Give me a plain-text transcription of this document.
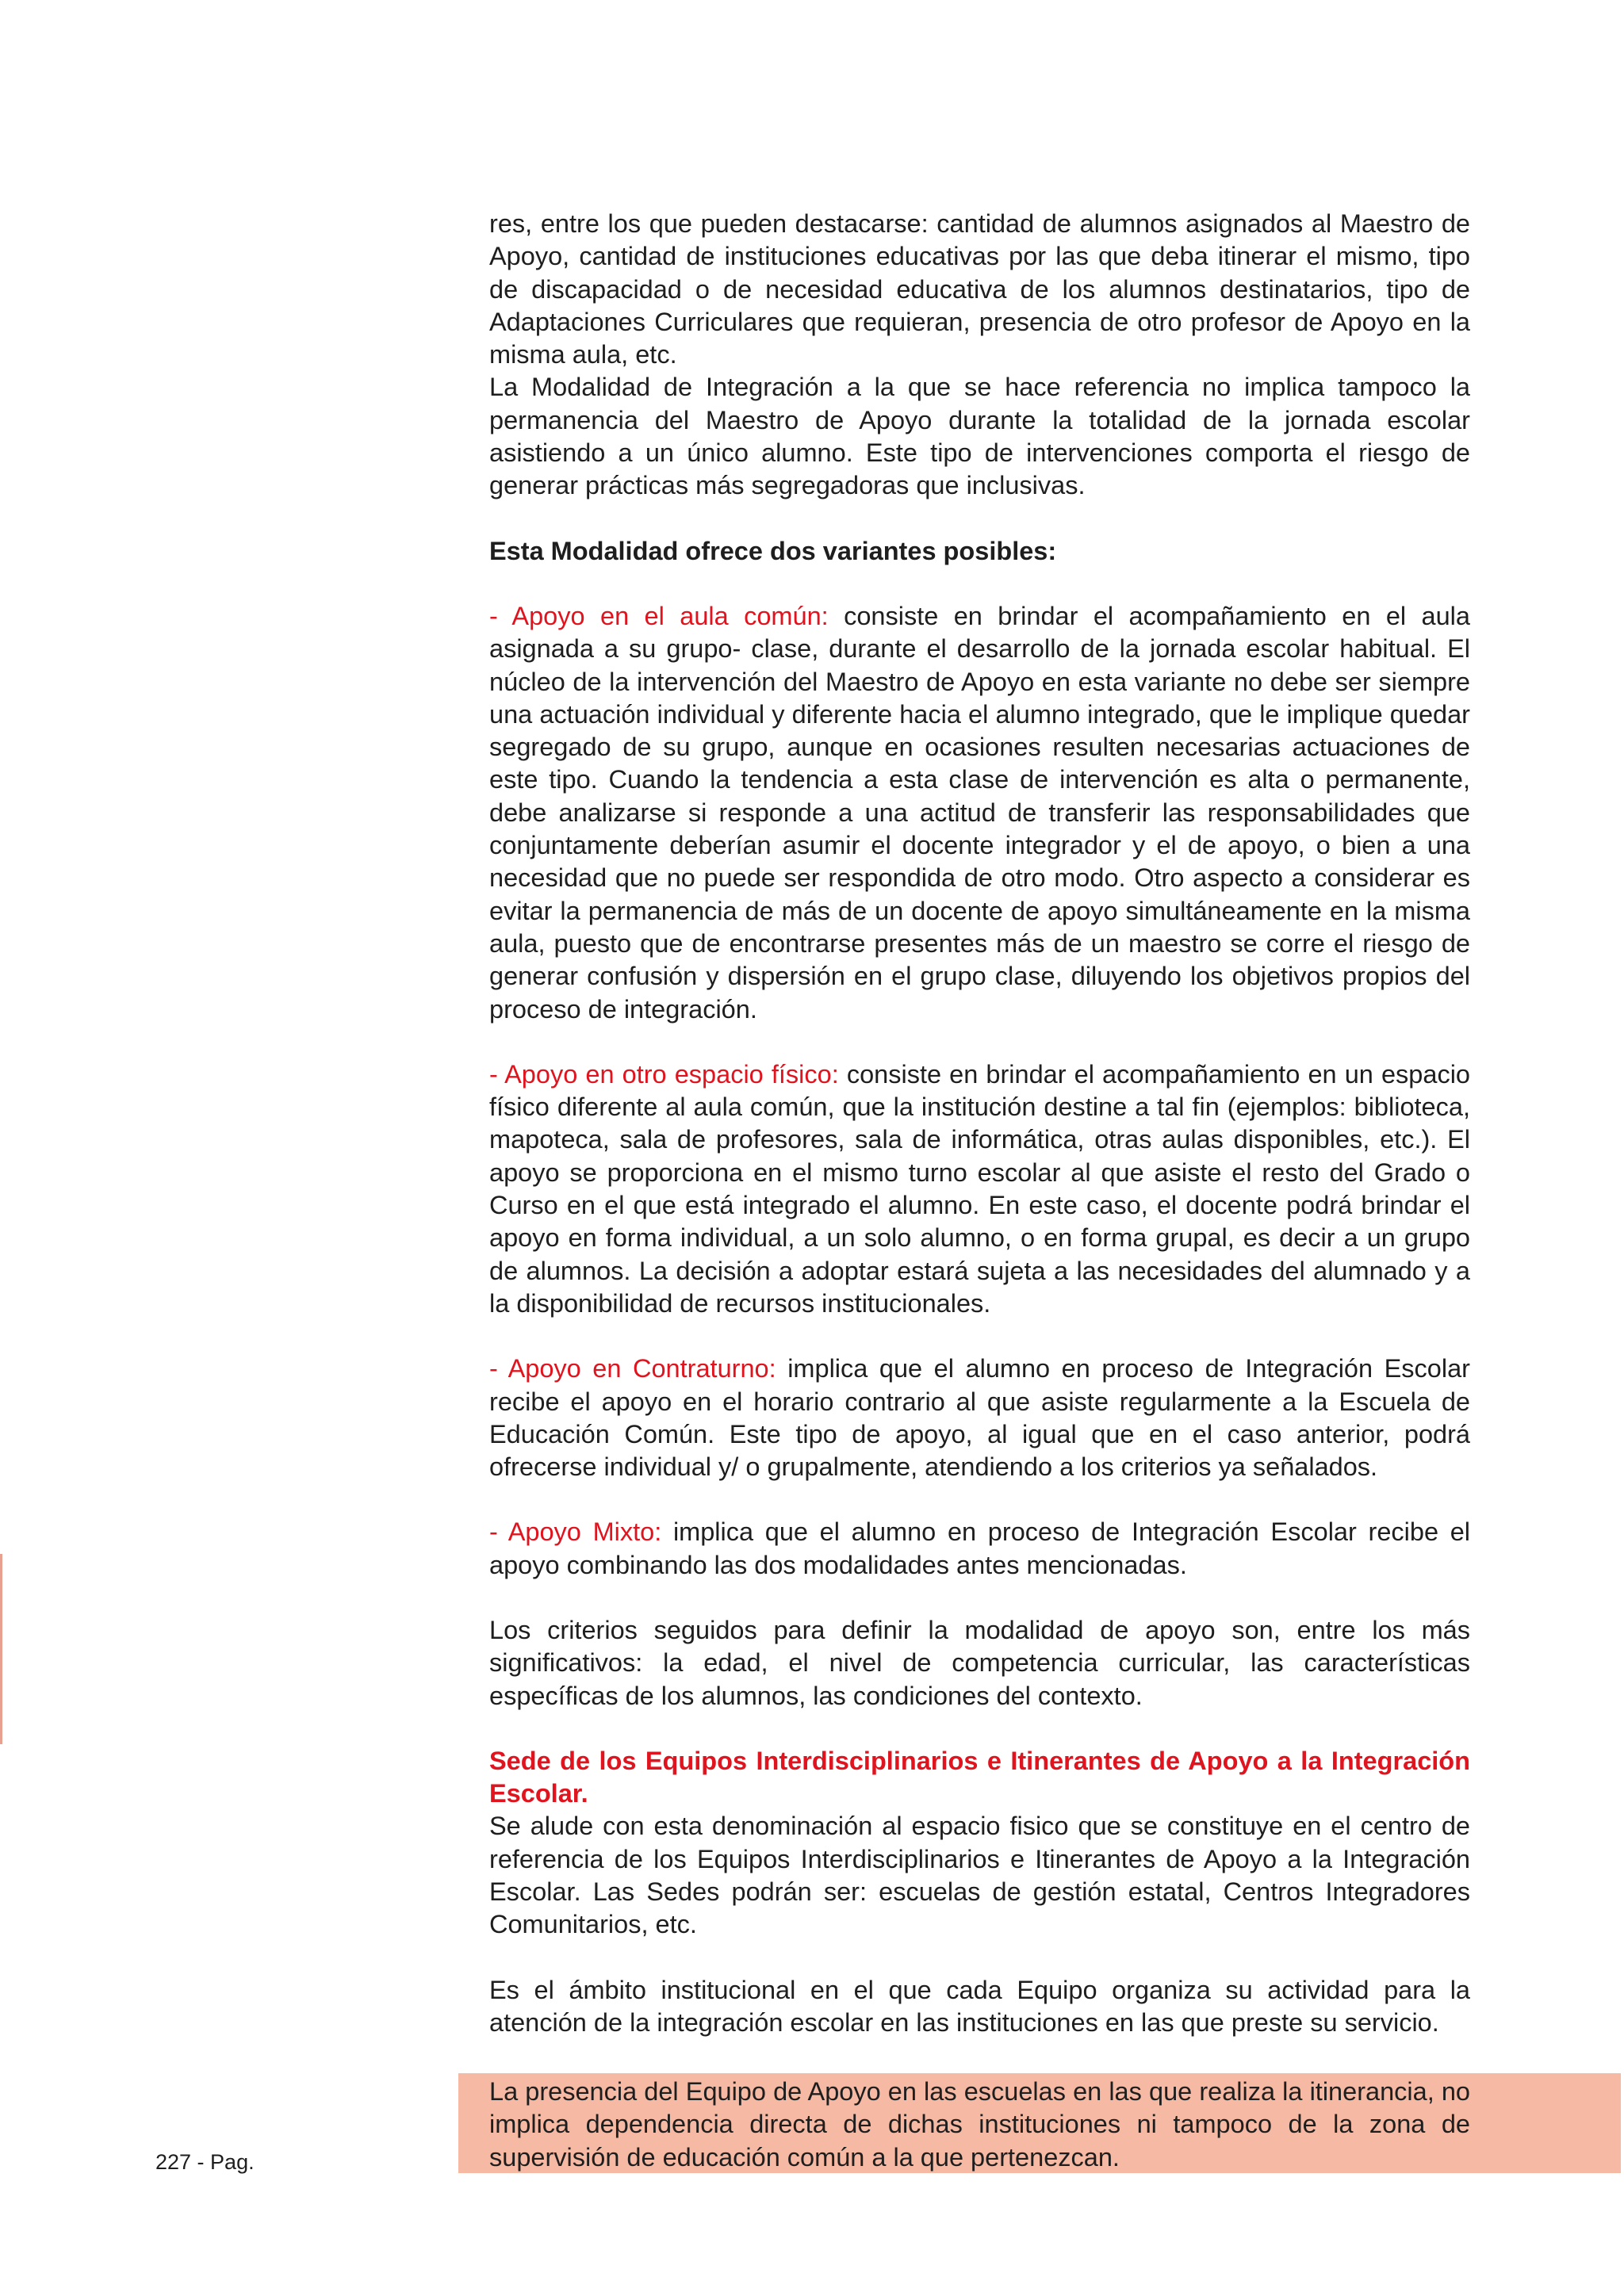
res, entre los que pueden destacarse: cantidad de alumnos asignados al Maestro de Apoyo, cantidad de instituciones educativas por las que deba itinerar el mismo, tipo de discapacidad o de necesidad educativa de los alumnos destinatarios, tipo de Adaptaciones Curriculares que requieran, presencia de otro profesor de Apoyo en la misma aula, etc.

La Modalidad de Integración a la que se hace referencia no implica tampoco la permanencia del Maestro de Apoyo durante la totalidad de la jornada escolar asistiendo a un único alumno. Este tipo de intervenciones comporta el riesgo de generar prácticas más segregadoras que inclusivas.

Esta Modalidad ofrece dos variantes posibles:

- Apoyo en el aula común: consiste en brindar el acompañamiento en el aula asignada a su grupo- clase, durante el desarrollo de la jornada escolar habitual. El núcleo de la intervención del Maestro de Apoyo en esta variante no debe ser siempre una actuación individual y diferente hacia el alumno integrado, que le implique quedar segregado de su grupo, aunque en ocasiones resulten necesarias actuaciones de este tipo. Cuando la tendencia a esta clase de intervención es alta o permanente, debe analizarse si responde a una actitud de transferir las responsabilidades que conjuntamente deberían asumir el docente integrador y el de apoyo, o bien a una necesidad que no puede ser respondida de otro modo. Otro aspecto a considerar es evitar la permanencia de más de un docente de apoyo simultáneamente en la misma aula, puesto que de encontrarse presentes más de un maestro se corre el riesgo de generar confusión y dispersión en el grupo clase, diluyendo los objetivos propios del proceso de integración.

- Apoyo en otro espacio físico: consiste en brindar el acompañamiento en un espacio físico diferente al aula común, que la institución destine a tal fin (ejemplos: biblioteca, mapoteca, sala de profesores, sala de informática, otras aulas disponibles, etc.). El apoyo se proporciona en el mismo turno escolar al que asiste el resto del Grado o Curso en el que está integrado el alumno. En este caso, el docente podrá brindar el apoyo en forma individual, a un solo alumno, o en forma grupal, es decir a un grupo de alumnos. La decisión a adoptar estará sujeta a las necesidades del alumnado y a la disponibilidad de recursos institucionales.

- Apoyo en Contraturno: implica que el alumno en proceso de Integración Escolar recibe el apoyo en el horario contrario al que asiste regularmente a la Escuela de Educación Común. Este tipo de apoyo, al igual que en el caso anterior, podrá ofrecerse individual y/ o grupalmente, atendiendo a los criterios ya señalados.

- Apoyo Mixto: implica que el alumno en proceso de Integración Escolar recibe el apoyo combinando las dos modalidades antes mencionadas.

Los criterios seguidos para definir la modalidad de apoyo son, entre los más significativos: la edad, el nivel de competencia curricular, las características específicas de los alumnos, las condiciones del contexto.

Sede de los Equipos Interdisciplinarios e Itinerantes de Apoyo a la Integración Escolar.

Se alude con esta denominación al espacio fisico que se constituye en el centro de referencia de los Equipos Interdisciplinarios e Itinerantes de Apoyo a la Integración Escolar. Las Sedes podrán ser: escuelas de gestión estatal, Centros Integradores Comunitarios, etc.

Es el ámbito institucional en el que cada Equipo organiza su actividad para la atención de la integración escolar en las instituciones en las que preste su servicio.

La presencia del Equipo de Apoyo en las escuelas en las que realiza la itinerancia, no implica dependencia directa de dichas instituciones ni tampoco de la zona de supervisión de educación común a la que pertenezcan.
227 - Pag.
